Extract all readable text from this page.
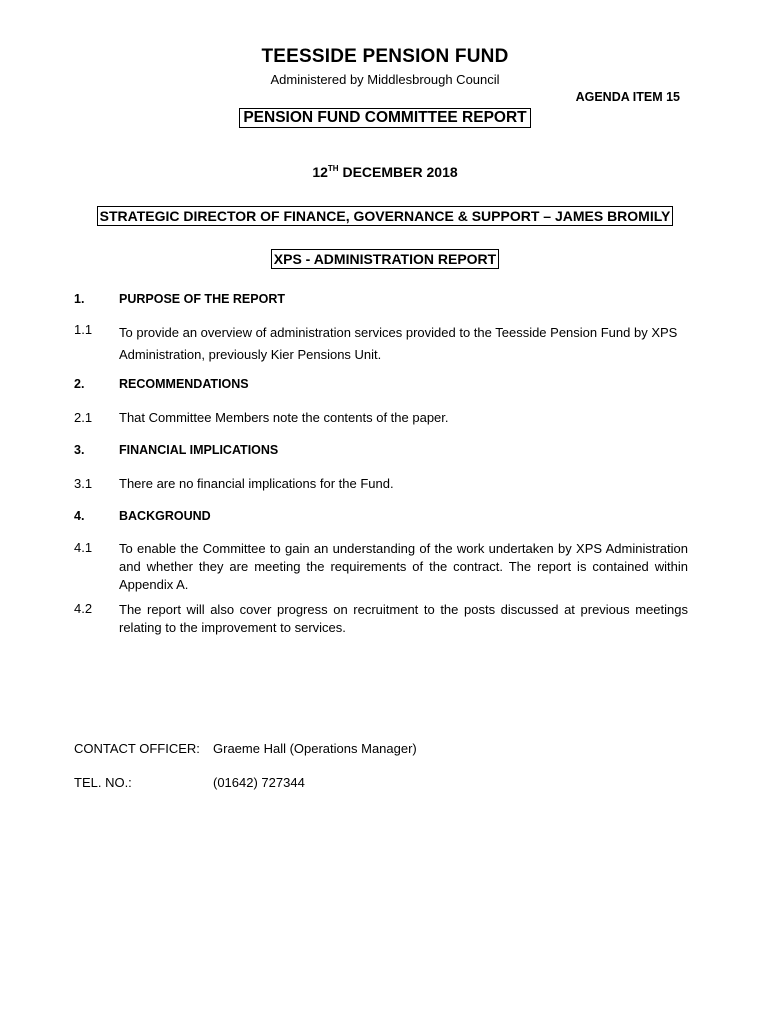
TEESSIDE PENSION FUND
Administered by Middlesbrough Council
AGENDA ITEM 15
PENSION FUND COMMITTEE REPORT
12TH DECEMBER 2018
STRATEGIC DIRECTOR OF FINANCE, GOVERNANCE & SUPPORT – JAMES BROMILY
XPS - ADMINISTRATION REPORT
1.	PURPOSE OF THE REPORT
1.1 To provide an overview of administration services provided to the Teesside Pension Fund by XPS Administration, previously Kier Pensions Unit.
2.	RECOMMENDATIONS
2.1 That Committee Members note the contents of the paper.
3.	FINANCIAL IMPLICATIONS
3.1 There are no financial implications for the Fund.
4.	BACKGROUND
4.1 To enable the Committee to gain an understanding of the work undertaken by XPS Administration and whether they are meeting the requirements of the contract. The report is contained within Appendix A.
4.2 The report will also cover progress on recruitment to the posts discussed at previous meetings relating to the improvement to services.
CONTACT OFFICER: Graeme Hall (Operations Manager)
TEL. NO.:	(01642) 727344
